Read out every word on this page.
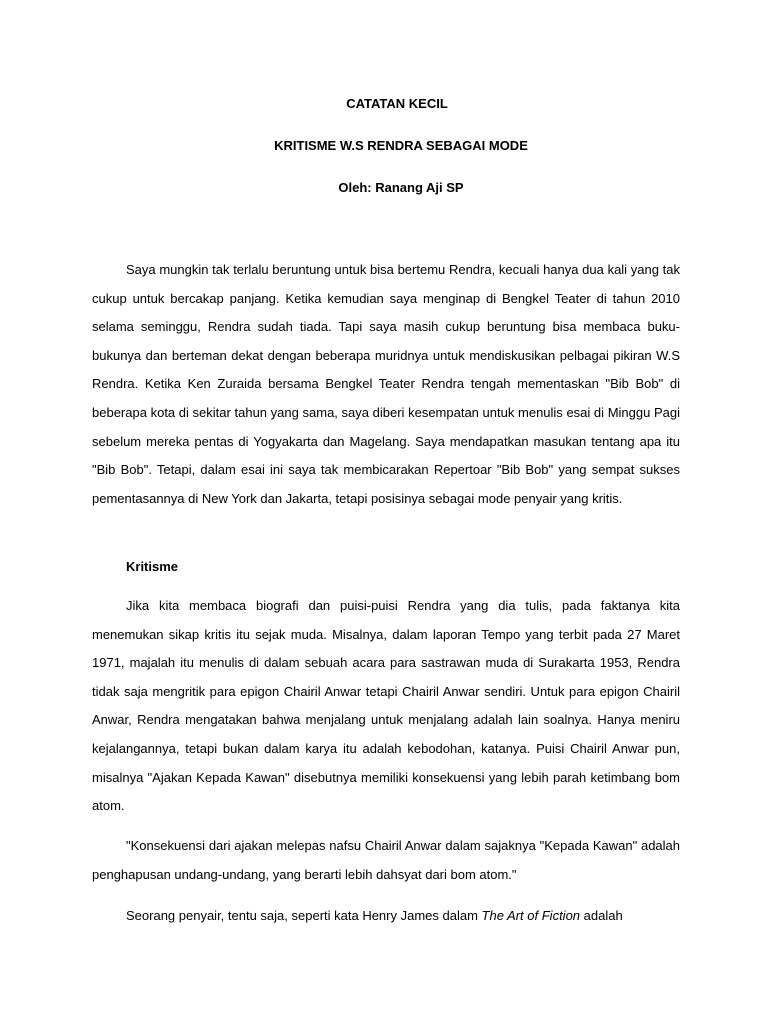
CATATAN KECIL
KRITISME W.S RENDRA SEBAGAI MODE
Oleh: Ranang Aji SP

Saya mungkin tak terlalu beruntung untuk bisa bertemu Rendra, kecuali hanya dua kali yang tak cukup untuk bercakap panjang. Ketika kemudian saya menginap di Bengkel Teater di tahun 2010 selama seminggu, Rendra sudah tiada. Tapi saya masih cukup beruntung bisa membaca buku-bukunya dan berteman dekat dengan beberapa muridnya untuk mendiskusikan pelbagai pikiran W.S Rendra. Ketika Ken Zuraida bersama Bengkel Teater Rendra tengah mementaskan "Bib Bob" di beberapa kota di sekitar tahun yang sama, saya diberi kesempatan untuk menulis esai di Minggu Pagi sebelum mereka pentas di Yogyakarta dan Magelang. Saya mendapatkan masukan tentang apa itu "Bib Bob". Tetapi, dalam esai ini saya tak membicarakan Repertoar "Bib Bob" yang sempat sukses pementasannya di New York dan Jakarta, tetapi posisinya sebagai mode penyair yang kritis.

Kritisme

Jika kita membaca biografi dan puisi-puisi Rendra yang dia tulis, pada faktanya kita menemukan sikap kritis itu sejak muda. Misalnya, dalam laporan Tempo yang terbit pada 27 Maret 1971, majalah itu menulis di dalam sebuah acara para sastrawan muda di Surakarta 1953, Rendra tidak saja mengritik para epigon Chairil Anwar tetapi Chairil Anwar sendiri. Untuk para epigon Chairil Anwar, Rendra mengatakan bahwa menjalang untuk menjalang adalah lain soalnya. Hanya meniru kejalangannya, tetapi bukan dalam karya itu adalah kebodohan, katanya. Puisi Chairil Anwar pun, misalnya "Ajakan Kepada Kawan" disebutnya memiliki konsekuensi yang lebih parah ketimbang bom atom.

"Konsekuensi dari ajakan melepas nafsu Chairil Anwar dalam sajaknya "Kepada Kawan" adalah penghapusan undang-undang, yang berarti lebih dahsyat dari bom atom."

Seorang penyair, tentu saja, seperti kata Henry James dalam The Art of Fiction adalah
